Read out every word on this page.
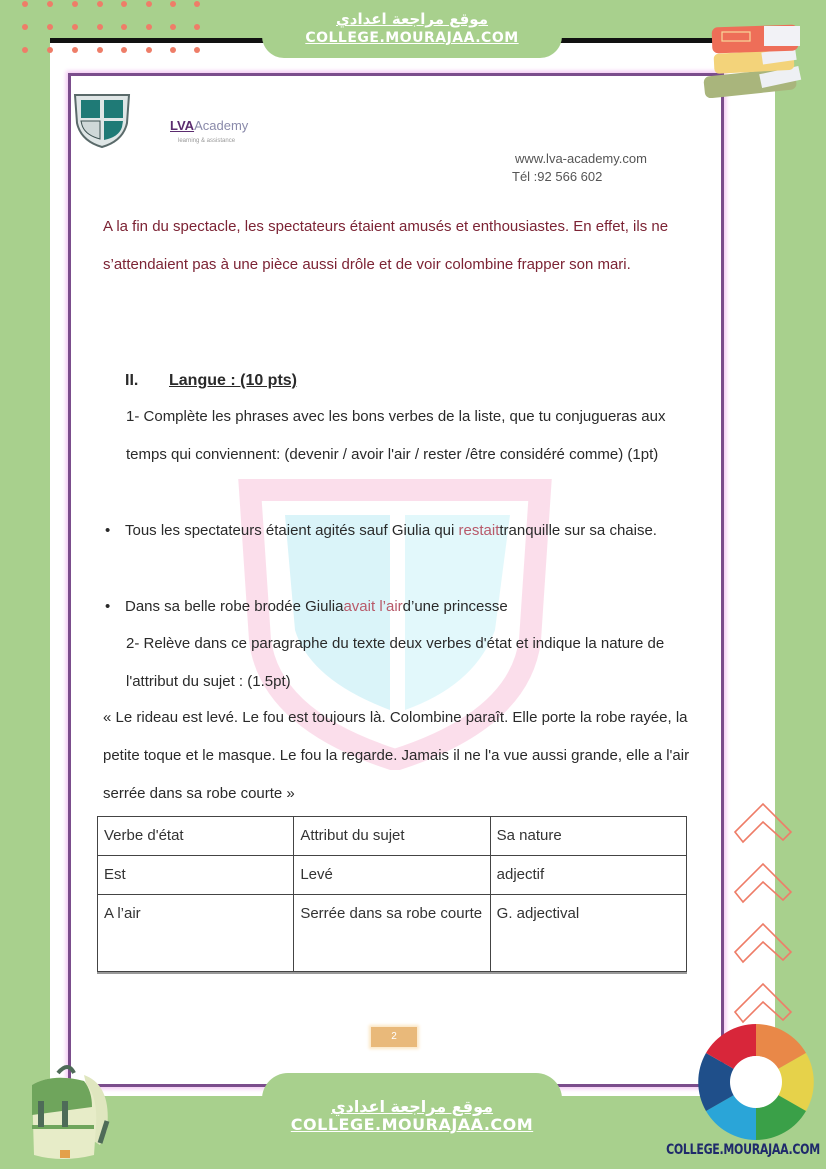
موقع مراجعة اعدادي
COLLEGE.MOURAJAA.COM
LVAAcademy
learning & assistance
www.lva-academy.com
Tél :92 566 602
A la fin du spectacle, les spectateurs étaient amusés et enthousiastes. En effet, ils ne s’attendaient pas à une pièce aussi drôle et de voir colombine frapper son mari.
II. Langue : (10 pts)
1- Complète les phrases avec les bons verbes de la liste, que tu conjugueras aux temps qui conviennent: (devenir / avoir l'air / rester /être considéré comme) (1pt)
• Tous les spectateurs étaient agités sauf Giulia qui restaittranquille sur sa chaise.
• Dans sa belle robe brodée Giuliaavait l’aird’une princesse
2- Relève dans ce paragraphe du texte deux verbes d'état et indique la nature de l'attribut du sujet : (1.5pt)
« Le rideau est levé. Le fou est toujours là. Colombine paraît. Elle porte la robe rayée, la petite toque et le masque. Le fou la regarde. Jamais il ne l'a vue aussi grande, elle a l'air serrée dans sa robe courte »
Verbe d'état	Attribut du sujet	Sa nature
Est	Levé	adjectif
A l’air	Serrée dans sa robe courte	G. adjectival
2
موقع مراجعة اعدادي
COLLEGE.MOURAJAA.COM
COLLEGE.MOURAJAA.COM
